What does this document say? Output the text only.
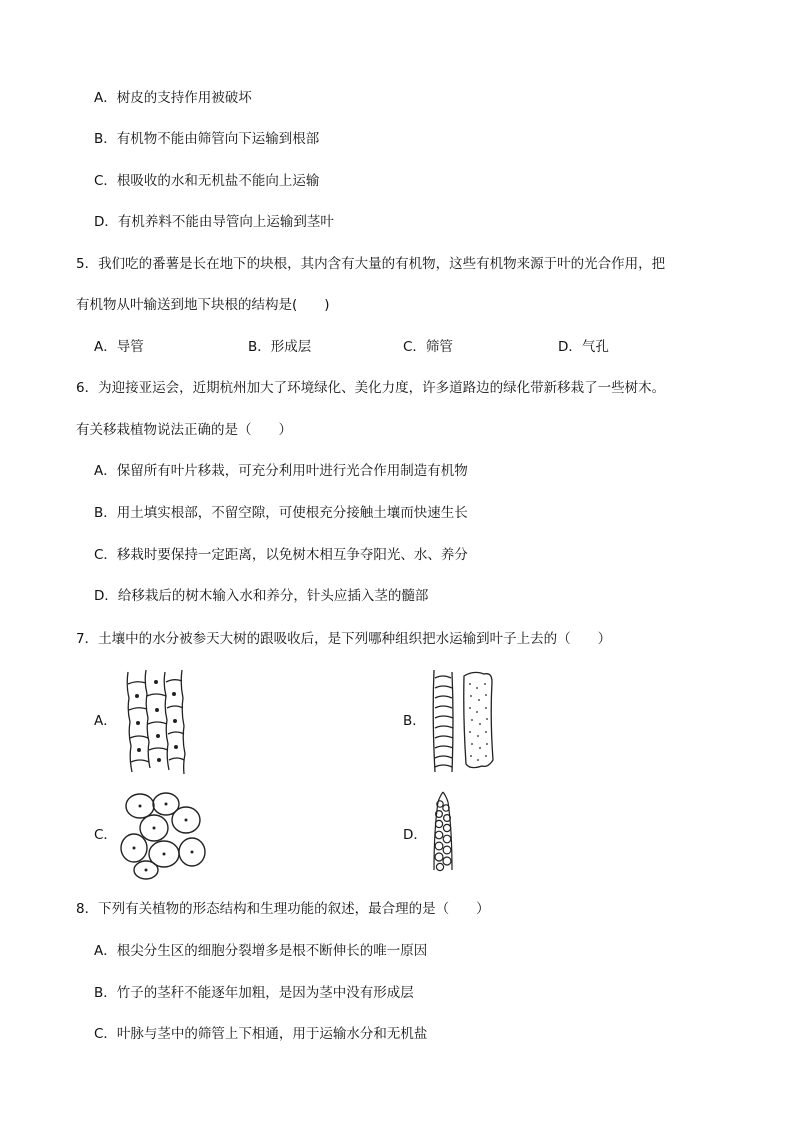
A．树皮的支持作用被破坏
B．有机物不能由筛管向下运输到根部
C．根吸收的水和无机盐不能向上运输
D．有机养料不能由导管向上运输到茎叶
5．我们吃的番薯是长在地下的块根，其内含有大量的有机物，这些有机物来源于叶的光合作用，把
有机物从叶输送到地下块根的结构是(　　)
A．导管	B．形成层	C．筛管	D．气孔
6．为迎接亚运会，近期杭州加大了环境绿化、美化力度，许多道路边的绿化带新移栽了一些树木。
有关移栽植物说法正确的是（　　）
A．保留所有叶片移栽，可充分利用叶进行光合作用制造有机物
B．用土填实根部，不留空隙，可使根充分接触土壤而快速生长
C．移栽时要保持一定距离，以免树木相互争夺阳光、水、养分
D．给移栽后的树木输入水和养分，针头应插入茎的髓部
7．土壤中的水分被参天大树的跟吸收后，是下列哪种组织把水运输到叶子上去的（　　）
A．	B．
C．	D．
8．下列有关植物的形态结构和生理功能的叙述，最合理的是（　　）
A．根尖分生区的细胞分裂增多是根不断伸长的唯一原因
B．竹子的茎秆不能逐年加粗，是因为茎中没有形成层
C．叶脉与茎中的筛管上下相通，用于运输水分和无机盐
